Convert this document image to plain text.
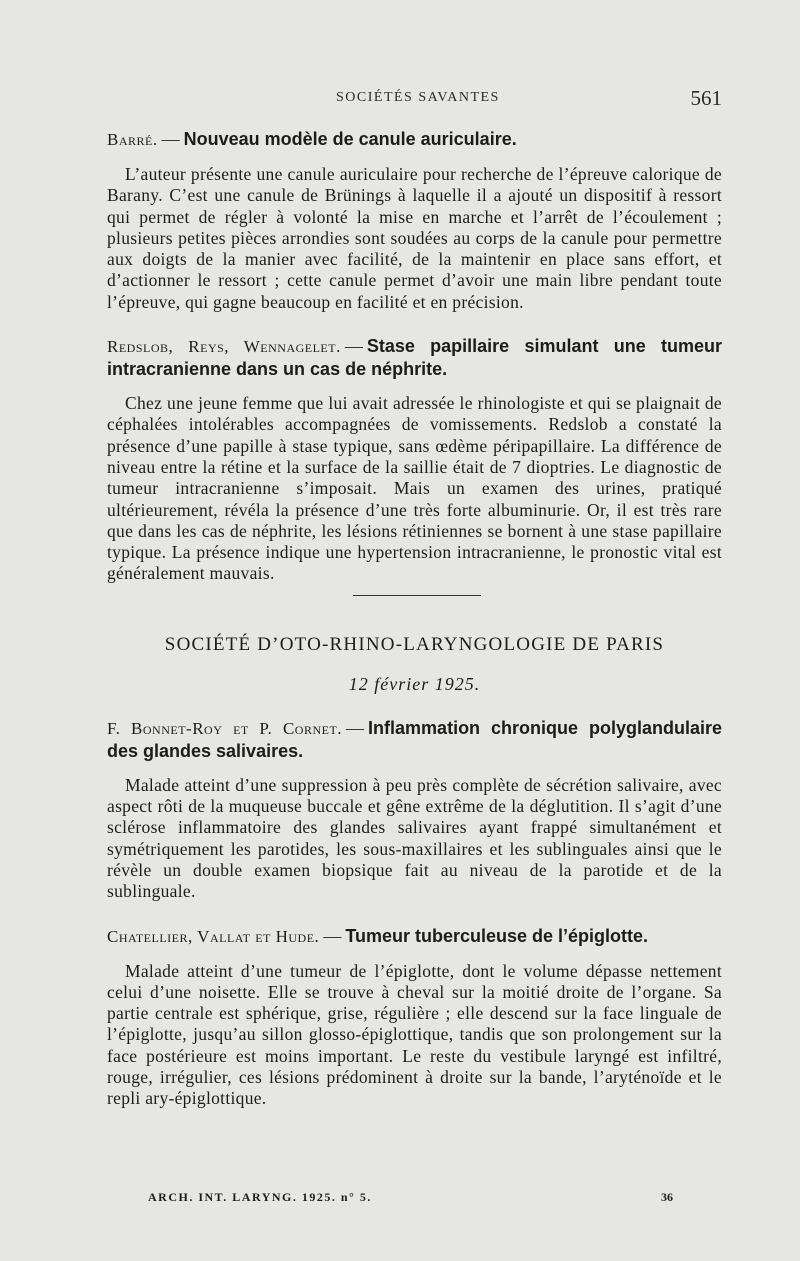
SOCIÉTÉS SAVANTES	561
Barré. — Nouveau modèle de canule auriculaire.

L’auteur présente une canule auriculaire pour recherche de l’épreuve calorique de Barany. C’est une canule de Brünings à laquelle il a ajouté un dispositif à ressort qui permet de régler à volonté la mise en marche et l’arrêt de l’écoulement ; plusieurs petites pièces arrondies sont soudées au corps de la canule pour permettre aux doigts de la manier avec facilité, de la maintenir en place sans effort, et d’actionner le ressort ; cette canule permet d’avoir une main libre pendant toute l’épreuve, qui gagne beaucoup en facilité et en précision.

Redslob, Reys, Wennagelet. — Stase papillaire simulant une tumeur intracranienne dans un cas de néphrite.

Chez une jeune femme que lui avait adressée le rhinologiste et qui se plaignait de céphalées intolérables accompagnées de vomissements. Redslob a constaté la présence d’une papille à stase typique, sans œdème péripapillaire. La différence de niveau entre la rétine et la surface de la saillie était de 7 dioptries. Le diagnostic de tumeur intracranienne s’imposait. Mais un examen des urines, pratiqué ultérieurement, révéla la présence d’une très forte albuminurie. Or, il est très rare que dans les cas de néphrite, les lésions rétiniennes se bornent à une stase papillaire typique. La présence indique une hypertension intracranienne, le pronostic vital est généralement mauvais.

SOCIÉTÉ D’OTO-RHINO-LARYNGOLOGIE DE PARIS
12 février 1925.
F. Bonnet-Roy et P. Cornet. — Inflammation chronique polyglandulaire des glandes salivaires.

Malade atteint d’une suppression à peu près complète de sécrétion salivaire, avec aspect rôti de la muqueuse buccale et gêne extrême de la déglutition. Il s’agit d’une sclérose inflammatoire des glandes salivaires ayant frappé simultanément et symétriquement les parotides, les sous-maxillaires et les sublinguales ainsi que le révèle un double examen biopsique fait au niveau de la parotide et de la sublinguale.

Chatellier, Vallat et Hude. — Tumeur tuberculeuse de l’épiglotte.

Malade atteint d’une tumeur de l’épiglotte, dont le volume dépasse nettement celui d’une noisette. Elle se trouve à cheval sur la moitié droite de l’organe. Sa partie centrale est sphérique, grise, régulière ; elle descend sur la face linguale de l’épiglotte, jusqu’au sillon glosso-épiglottique, tandis que son prolongement sur la face postérieure est moins important. Le reste du vestibule laryngé est infiltré, rouge, irrégulier, ces lésions prédominent à droite sur la bande, l’aryténoïde et le repli ary-épiglottique.

ARCH. INT. LARYNG. 1925. n° 5.	36
